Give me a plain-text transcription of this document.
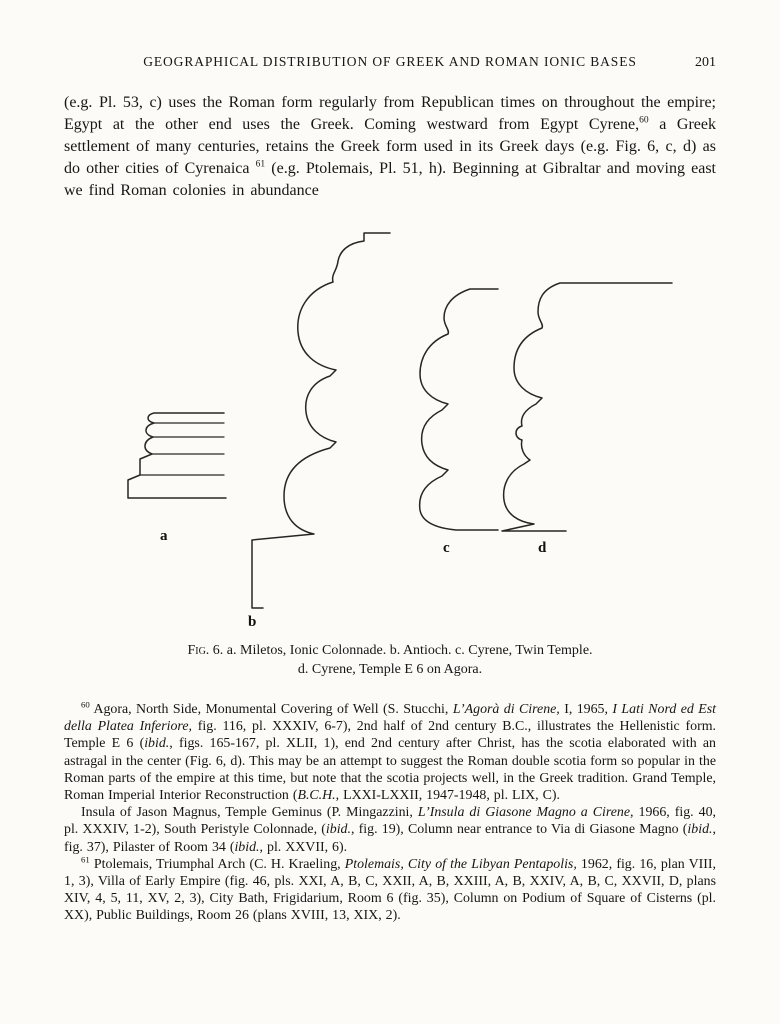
GEOGRAPHICAL DISTRIBUTION OF GREEK AND ROMAN IONIC BASES	201

(e.g. Pl. 53, c) uses the Roman form regularly from Republican times on throughout the empire; Egypt at the other end uses the Greek. Coming westward from Egypt Cyrene,$^{60}$ a Greek settlement of many centuries, retains the Greek form used in its Greek days (e.g. Fig. 6, c, d) as do other cities of Cyrenaica $^{61}$ (e.g. Ptolemais, Pl. 51, h). Beginning at Gibraltar and moving east we find Roman colonies in abundance

a
b
c	d
Fig. 6. a. Miletos, Ionic Colonnade. b. Antioch. c. Cyrene, Twin Temple.
d. Cyrene, Temple E 6 on Agora.

$^{60}$ Agora, North Side, Monumental Covering of Well (S. Stucchi, L’Agorà di Cirene, I, 1965, I Lati Nord ed Est della Platea Inferiore, fig. 116, pl. XXXIV, 6-7), 2nd half of 2nd century B.C., illustrates the Hellenistic form. Temple E 6 (ibid., figs. 165-167, pl. XLII, 1), end 2nd century after Christ, has the scotia elaborated with an astragal in the center (Fig. 6, d). This may be an attempt to suggest the Roman double scotia form so popular in the Roman parts of the empire at this time, but note that the scotia projects well, in the Greek tradition. Grand Temple, Roman Imperial Interior Reconstruction (B.C.H., LXXI-LXXII, 1947-1948, pl. LIX, C).

Insula of Jason Magnus, Temple Geminus (P. Mingazzini, L’Insula di Giasone Magno a Cirene, 1966, fig. 40, pl. XXXIV, 1-2), South Peristyle Colonnade, (ibid., fig. 19), Column near entrance to Via di Giasone Magno (ibid., fig. 37), Pilaster of Room 34 (ibid., pl. XXVII, 6).

$^{61}$ Ptolemais, Triumphal Arch (C. H. Kraeling, Ptolemais, City of the Libyan Pentapolis, 1962, fig. 16, plan VIII, 1, 3), Villa of Early Empire (fig. 46, pls. XXI, A, B, C, XXII, A, B, XXIII, A, B, XXIV, A, B, C, XXVII, D, plans XIV, 4, 5, 11, XV, 2, 3), City Bath, Frigidarium, Room 6 (fig. 35), Column on Podium of Square of Cisterns (pl. XX), Public Buildings, Room 26 (plans XVIII, 13, XIX, 2).
